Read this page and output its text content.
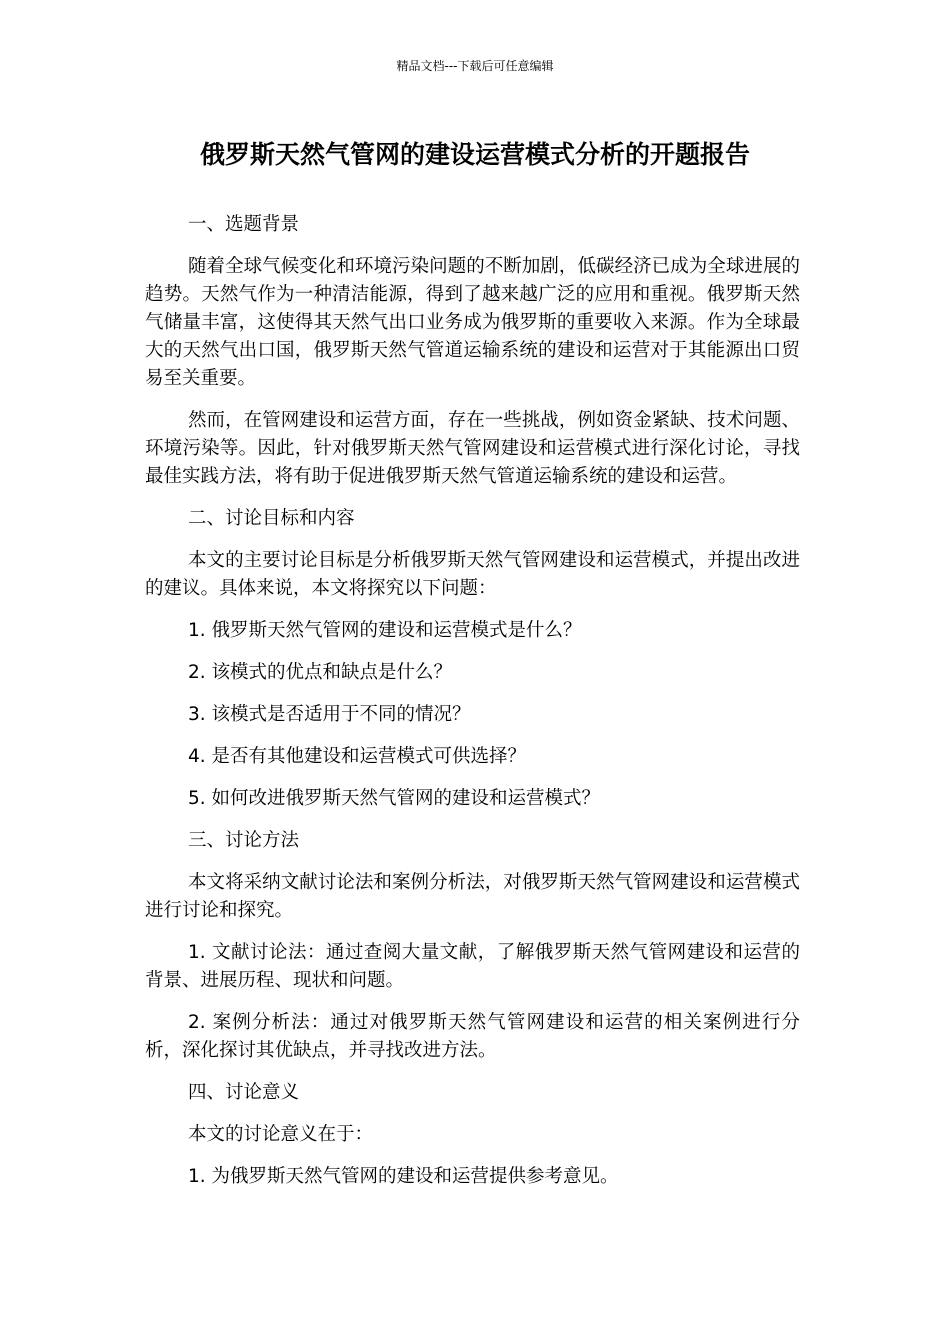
精品文档---下载后可任意编辑
俄罗斯天然气管网的建设运营模式分析的开题报告

一、选题背景

随着全球气候变化和环境污染问题的不断加剧，低碳经济已成为全球进展的趋势。天然气作为一种清洁能源，得到了越来越广泛的应用和重视。俄罗斯天然气储量丰富，这使得其天然气出口业务成为俄罗斯的重要收入来源。作为全球最大的天然气出口国，俄罗斯天然气管道运输系统的建设和运营对于其能源出口贸易至关重要。

然而，在管网建设和运营方面，存在一些挑战，例如资金紧缺、技术问题、环境污染等。因此，针对俄罗斯天然气管网建设和运营模式进行深化讨论，寻找最佳实践方法，将有助于促进俄罗斯天然气管道运输系统的建设和运营。

二、讨论目标和内容

本文的主要讨论目标是分析俄罗斯天然气管网建设和运营模式，并提出改进的建议。具体来说，本文将探究以下问题：

1. 俄罗斯天然气管网的建设和运营模式是什么？

2. 该模式的优点和缺点是什么？

3. 该模式是否适用于不同的情况？

4. 是否有其他建设和运营模式可供选择？

5. 如何改进俄罗斯天然气管网的建设和运营模式？

三、讨论方法

本文将采纳文献讨论法和案例分析法，对俄罗斯天然气管网建设和运营模式进行讨论和探究。

1. 文献讨论法：通过查阅大量文献，了解俄罗斯天然气管网建设和运营的背景、进展历程、现状和问题。

2. 案例分析法：通过对俄罗斯天然气管网建设和运营的相关案例进行分析，深化探讨其优缺点，并寻找改进方法。

四、讨论意义

本文的讨论意义在于：

1. 为俄罗斯天然气管网的建设和运营提供参考意见。
